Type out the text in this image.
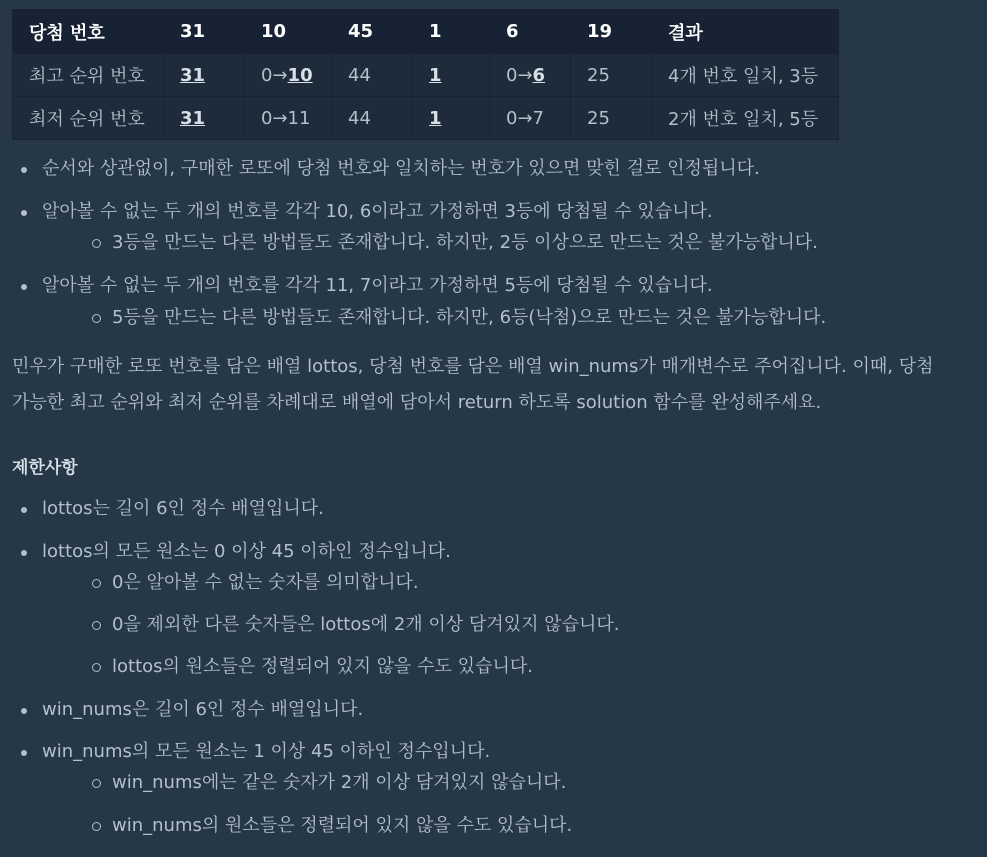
당첨 번호	31	10	45	1	6	19	결과
최고 순위 번호	31	0→10	44	1	0→6	25	4개 번호 일치, 3등
최저 순위 번호	31	0→11	44	1	0→7	25	2개 번호 일치, 5등
순서와 상관없이, 구매한 로또에 당첨 번호와 일치하는 번호가 있으면 맞힌 걸로 인정됩니다.
알아볼 수 없는 두 개의 번호를 각각 10, 6이라고 가정하면 3등에 당첨될 수 있습니다.
3등을 만드는 다른 방법들도 존재합니다. 하지만, 2등 이상으로 만드는 것은 불가능합니다.
알아볼 수 없는 두 개의 번호를 각각 11, 7이라고 가정하면 5등에 당첨될 수 있습니다.
5등을 만드는 다른 방법들도 존재합니다. 하지만, 6등(낙첨)으로 만드는 것은 불가능합니다.
민우가 구매한 로또 번호를 담은 배열 lottos, 당첨 번호를 담은 배열 win_nums가 매개변수로 주어집니다. 이때, 당첨
가능한 최고 순위와 최저 순위를 차례대로 배열에 담아서 return 하도록 solution 함수를 완성해주세요.
제한사항
lottos는 길이 6인 정수 배열입니다.
lottos의 모든 원소는 0 이상 45 이하인 정수입니다.
0은 알아볼 수 없는 숫자를 의미합니다.
0을 제외한 다른 숫자들은 lottos에 2개 이상 담겨있지 않습니다.
lottos의 원소들은 정렬되어 있지 않을 수도 있습니다.
win_nums은 길이 6인 정수 배열입니다.
win_nums의 모든 원소는 1 이상 45 이하인 정수입니다.
win_nums에는 같은 숫자가 2개 이상 담겨있지 않습니다.
win_nums의 원소들은 정렬되어 있지 않을 수도 있습니다.
